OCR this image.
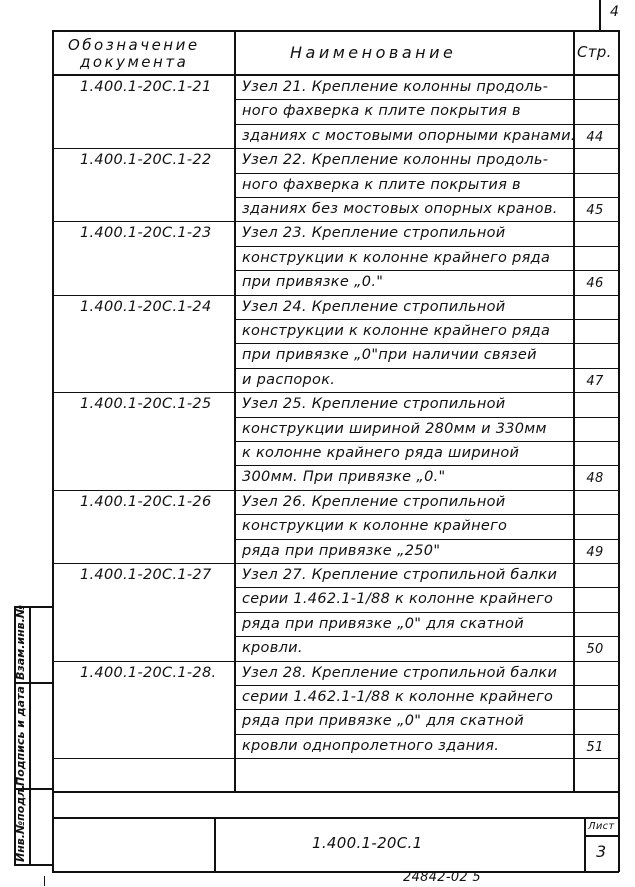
4
Обозначение
документа	Наименование	Стр.
1.400.1-20С.1-21 Узел 21. Крепление колонны продоль-
ного фахверка к плите покрытия в
зданиях с мостовыми опорными кранами. 44
1.400.1-20С.1-22 Узел 22. Крепление колонны продоль-
ного фахверка к плите покрытия в
зданиях без мостовых опорных кранов.	45
1.400.1-20С.1-23 Узел 23. Крепление стропильной
конструкции к колонне крайнего ряда
при привязке „0."	46
1.400.1-20С.1-24 Узел 24. Крепление стропильной
конструкции к колонне крайнего ряда
при привязке „0"при наличии связей
и распорок.	47
1.400.1-20С.1-25 Узел 25. Крепление стропильной
конструкции шириной 280мм и 330мм
к колонне крайнего ряда шириной
300мм. При привязке „0."	48
1.400.1-20С.1-26 Узел 26. Крепление стропильной
конструкции к колонне крайнего
ряда при привязке „250"	49
1.400.1-20С.1-27 Узел 27. Крепление стропильной балки
серии 1.462.1-1/88 к колонне крайнего
ряда при привязке „0" для скатной
кровли.	50
1.400.1-20С.1-28. Узел 28. Крепление стропильной балки
серии 1.462.1-1/88 к колонне крайнего
ряда при привязке „0" для скатной
кровли однопролетного здания.	51
Взам.инв.№
Подпись и дата
Инв.№подл.	1.400.1-20С.1
Лист
3
24842-02 5
